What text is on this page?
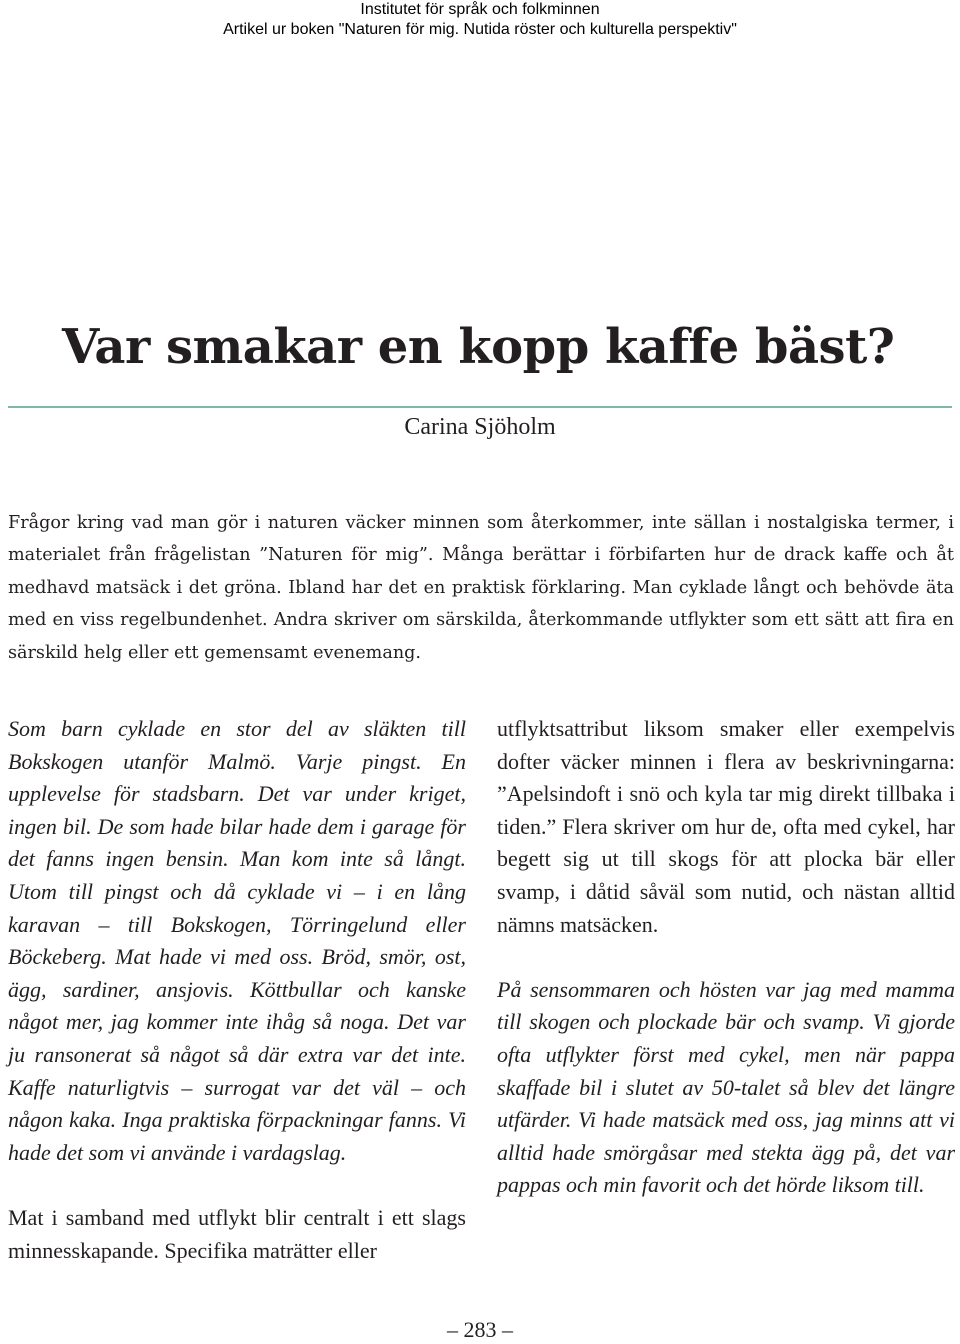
Institutet för språk och folkminnen
Artikel ur boken "Naturen för mig. Nutida röster och kulturella perspektiv"
Var smakar en kopp kaffe bäst?
Carina Sjöholm

Frågor kring vad man gör i naturen väcker minnen som återkommer, inte sällan i nostalgiska termer, i materialet från frågelistan ”Naturen för mig”. Många berättar i förbifarten hur de drack kaffe och åt medhavd matsäck i det gröna. Ibland har det en praktisk förklaring. Man cyklade långt och behövde äta med en viss regelbundenhet. Andra skriver om särskilda, återkommande utflykter som ett sätt att fira en särskild helg eller ett gemensamt evenemang.

Som barn cyklade en stor del av släkten till Bokskogen utanför Malmö. Varje pingst. En upplevelse för stadsbarn. Det var under kriget, ingen bil. De som hade bilar hade dem i garage för det fanns ingen bensin. Man kom inte så långt. Utom till pingst och då cyklade vi – i en lång karavan – till Bokskogen, Törringelund eller Böckeberg. Mat hade vi med oss. Bröd, smör, ost, ägg, sardiner, ansjovis. Köttbullar och kanske något mer, jag kommer inte ihåg så noga. Det var ju ransonerat så något så där extra var det inte. Kaffe naturligtvis – surrogat var det väl – och någon kaka. Inga praktiska förpackningar fanns. Vi hade det som vi använde i vardagslag.

Mat i samband med utflykt blir centralt i ett slags minnesskapande. Specifika maträtter eller

utflyktsattribut liksom smaker eller exempelvis dofter väcker minnen i flera av beskrivningarna: ”Apelsindoft i snö och kyla tar mig direkt tillbaka i tiden.” Flera skriver om hur de, ofta med cykel, har begett sig ut till skogs för att plocka bär eller svamp, i dåtid såväl som nutid, och nästan alltid nämns matsäcken.

På sensommaren och hösten var jag med mamma till skogen och plockade bär och svamp. Vi gjorde ofta utflykter först med cykel, men när pappa skaffade bil i slutet av 50-talet så blev det längre utfärder. Vi hade matsäck med oss, jag minns att vi alltid hade smörgåsar med stekta ägg på, det var pappas och min favorit och det hörde liksom till.

– 283 –
